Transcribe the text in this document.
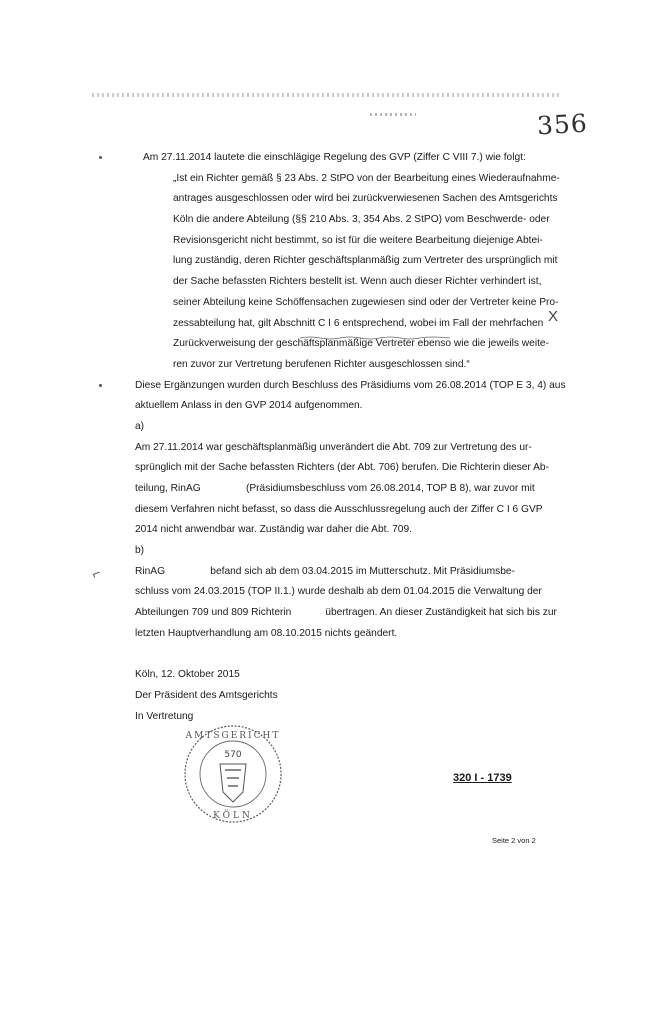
356
X
⌐
Am 27.11.2014 lautete die einschlägige Regelung des GVP (Ziffer C VIII 7.) wie folgt:
„Ist ein Richter gemäß § 23 Abs. 2 StPO von der Bearbeitung eines Wiederaufnahme-
antrages ausgeschlossen oder wird bei zurückverwiesenen Sachen des Amtsgerichts
Köln die andere Abteilung (§§ 210 Abs. 3, 354 Abs. 2 StPO) vom Beschwerde- oder
Revisionsgericht nicht bestimmt, so ist für die weitere Bearbeitung diejenige Abtei-
lung zuständig, deren Richter geschäftsplanmäßig zum Vertreter des ursprünglich mit
der Sache befassten Richters bestellt ist. Wenn auch dieser Richter verhindert ist,
seiner Abteilung keine Schöffensachen zugewiesen sind oder der Vertreter keine Pro-
zessabteilung hat, gilt Abschnitt C I 6 entsprechend, wobei im Fall der mehrfachen
Zurückverweisung der geschäftsplanmäßige Vertreter ebenso wie die jeweils weite-
ren zuvor zur Vertretung berufenen Richter ausgeschlossen sind.“
Diese Ergänzungen wurden durch Beschluss des Präsidiums vom 26.08.2014 (TOP E 3, 4) aus
aktuellem Anlass in den GVP 2014 aufgenommen.
a)
Am 27.11.2014 war geschäftsplanmäßig unverändert die Abt. 709 zur Vertretung des ur-
sprünglich mit der Sache befassten Richters (der Abt. 706) berufen. Die Richterin dieser Ab-
teilung, RinAG                (Präsidiumsbeschluss vom 26.08.2014, TOP B 8), war zuvor mit
diesem Verfahren nicht befasst, so dass die Ausschlussregelung auch der Ziffer C I 6 GVP
2014 nicht anwendbar war. Zuständig war daher die Abt. 709.
b)
RinAG                befand sich ab dem 03.04.2015 im Mutterschutz. Mit Präsidiumsbe-
schluss vom 24.03.2015 (TOP II.1.) wurde deshalb ab dem 01.04.2015 die Verwaltung der
Abteilungen 709 und 809 Richterin            übertragen. An dieser Zuständigkeit hat sich bis zur
letzten Hauptverhandlung am 08.10.2015 nichts geändert.
Köln, 12. Oktober 2015
Der Präsident des Amtsgerichts
In Vertretung
AMTSGERICHT
570
KÖLN
320 I - 1739
Seite 2 von 2
